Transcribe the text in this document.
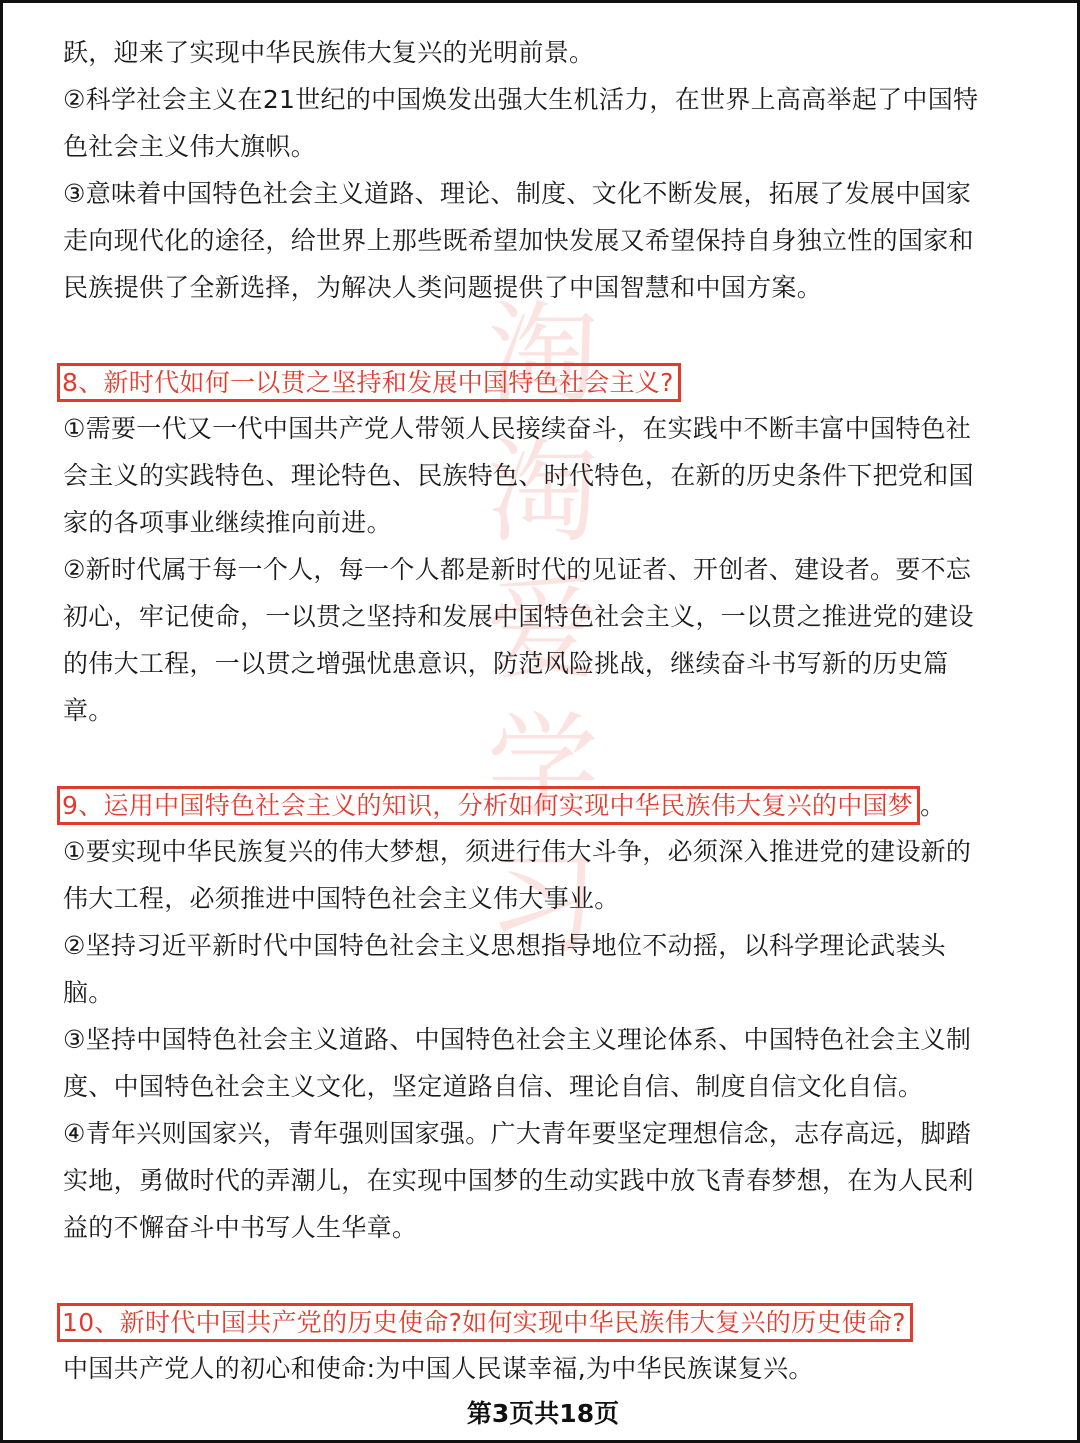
淘
淘
爱
学
习
跃，迎来了实现中华民族伟大复兴的光明前景。
②科学社会主义在21世纪的中国焕发出强大生机活力，在世界上高高举起了中国特
色社会主义伟大旗帜。
③意味着中国特色社会主义道路、理论、制度、文化不断发展，拓展了发展中国家
走向现代化的途径，给世界上那些既希望加快发展又希望保持自身独立性的国家和
民族提供了全新选择，为解决人类问题提供了中国智慧和中国方案。
8、新时代如何一以贯之坚持和发展中国特色社会主义?
①需要一代又一代中国共产党人带领人民接续奋斗，在实践中不断丰富中国特色社
会主义的实践特色、理论特色、民族特色、时代特色，在新的历史条件下把党和国
家的各项事业继续推向前进。
②新时代属于每一个人，每一个人都是新时代的见证者、开创者、建设者。要不忘
初心，牢记使命，一以贯之坚持和发展中国特色社会主义，一以贯之推进党的建设
的伟大工程，一以贯之增强忧患意识，防范风险挑战，继续奋斗书写新的历史篇
章。
9、运用中国特色社会主义的知识，分析如何实现中华民族伟大复兴的中国梦 。
①要实现中华民族复兴的伟大梦想，须进行伟大斗争，必须深入推进党的建设新的
伟大工程，必须推进中国特色社会主义伟大事业。
②坚持习近平新时代中国特色社会主义思想指导地位不动摇，以科学理论武装头
脑。
③坚持中国特色社会主义道路、中国特色社会主义理论体系、中国特色社会主义制
度、中国特色社会主义文化，坚定道路自信、理论自信、制度自信文化自信。
④青年兴则国家兴，青年强则国家强。广大青年要坚定理想信念，志存高远，脚踏
实地，勇做时代的弄潮儿，在实现中国梦的生动实践中放飞青春梦想，在为人民利
益的不懈奋斗中书写人生华章。
10、新时代中国共产党的历史使命?如何实现中华民族伟大复兴的历史使命?
中国共产党人的初心和使命:为中国人民谋幸福,为中华民族谋复兴。
第3页共18页
